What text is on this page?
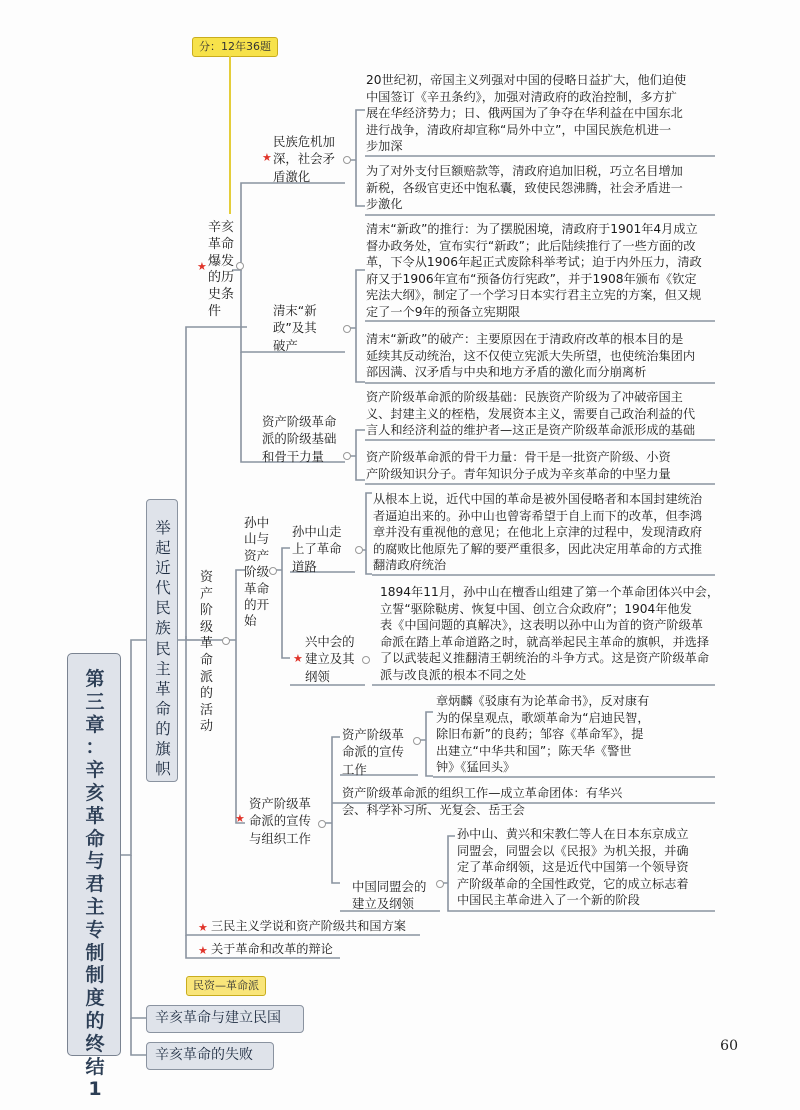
分：12年36题
第
三
章
：
辛
亥
革
命
与
君
主
专
制
制
度
的
终
结
1
举
起
近
代
民
族
民
主
革
命
的
旗
帜
民资—革命派
辛亥革命与建立民国
辛亥革命的失败
★
辛亥
革命
爆发
的历
史条
件
★
民族危机加
深，社会矛
盾激化
20世纪初，帝国主义列强对中国的侵略日益扩大，他们迫使
中国签订《辛丑条约》，加强对清政府的政治控制，多方扩
展在华经济势力；日、俄两国为了争夺在华利益在中国东北
进行战争，清政府却宣称“局外中立”，中国民族危机进一
步加深
为了对外支付巨额赔款等，清政府追加旧税，巧立名目增加
新税，各级官吏还中饱私囊，致使民怨沸腾，社会矛盾进一
步激化
清末“新
政”及其
破产
清末“新政”的推行：为了摆脱困境，清政府于1901年4月成立
督办政务处，宣布实行“新政”；此后陆续推行了一些方面的改
革，下令从1906年起正式废除科举考试；迫于内外压力，清政
府又于1906年宣布“预备仿行宪政”，并于1908年颁布《钦定
宪法大纲》，制定了一个学习日本实行君主立宪的方案，但又规
定了一个9年的预备立宪期限
清末“新政”的破产：主要原因在于清政府改革的根本目的是
延续其反动统治，这不仅使立宪派大失所望，也使统治集团内
部因满、汉矛盾与中央和地方矛盾的激化而分崩离析
资产阶级革命
派的阶级基础
和骨干力量
资产阶级革命派的阶级基础：民族资产阶级为了冲破帝国主
义、封建主义的桎梏，发展资本主义，需要自己政治利益的代
言人和经济利益的维护者—这正是资产阶级革命派形成的基础
资产阶级革命派的骨干力量：骨干是一批资产阶级、小资
产阶级知识分子。青年知识分子成为辛亥革命的中坚力量
资
产
阶
级
革
命
派
的
活
动
孙中
山与
资产
阶级
革命
的开
始
孙中山走
上了革命
道路
从根本上说，近代中国的革命是被外国侵略者和本国封建统治
者逼迫出来的。孙中山也曾寄希望于自上而下的改革，但李鸿
章并没有重视他的意见；在他北上京津的过程中，发现清政府
的腐败比他原先了解的要严重很多，因此决定用革命的方式推
翻清政府统治
★
兴中会的
建立及其
纲领
1894年11月，孙中山在檀香山组建了第一个革命团体兴中会，
立誓“驱除鞑虏、恢复中国、创立合众政府”；1904年他发
表《中国问题的真解决》，这表明以孙中山为首的资产阶级革
命派在踏上革命道路之时，就高举起民主革命的旗帜，并选择
了以武装起义推翻清王朝统治的斗争方式。这是资产阶级革命
派与改良派的根本不同之处
★
资产阶级革
命派的宣传
与组织工作
资产阶级革
命派的宣传
工作
章炳麟《驳康有为论革命书》，反对康有
为的保皇观点，歌颂革命为“启迪民智，
除旧布新”的良药；邹容《革命军》，提
出建立“中华共和国”；陈天华《警世
钟》《猛回头》
资产阶级革命派的组织工作—成立革命团体：有华兴
会、科学补习所、光复会、岳王会
中国同盟会的
建立及纲领
孙中山、黄兴和宋教仁等人在日本东京成立
同盟会，同盟会以《民报》为机关报，并确
定了革命纲领，这是近代中国第一个领导资
产阶级革命的全国性政党，它的成立标志着
中国民主革命进入了一个新的阶段
★ 三民主义学说和资产阶级共和国方案
★ 关于革命和改革的辩论
60
